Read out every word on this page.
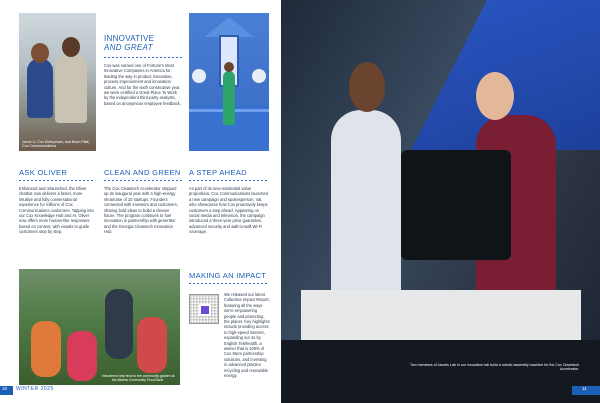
Jamie Li, Cox Enterprises, and Brian Platt, Cox Communications
INNOVATIVE
AND GREAT
Cox was named one of Fortune's Most Innovative Companies in America for leading the way in product innovation, process improvement and innovation culture. And for the sixth consecutive year, we were certified a Great Place To Work by the independent third-party analysts, based on anonymous employee feedback.
ASK OLIVER
Enhanced and relaunched, the Oliver chatbot now delivers a faster, more intuitive and fully conversational experience for millions of Cox Communications customers. Tapping into our Cox Knowledge Hub and AI, Oliver now offers more human-like responses based on context, with visuals to guide customers step by step.
CLEAN AND GREEN
The Cox Cleantech Accelerator stepped up its inaugural year with a high-energy showcase of 10 startups. Founders connected with investors and customers, sharing bold ideas to build a cleaner future. The program continues to fuel innovation in partnership with gener8tor and the Georgia Cleantech Innovation Hub.
A STEP AHEAD
As part of its new residential value proposition, Cox Communications launched a new campaign and spokesperson, Val, who showcases how Cox proactively keeps customers a step ahead. Appearing on social media and television, the campaign introduced a three-year price guarantee, advanced security and wall-to-wall Wi-Fi coverage.
Volunteers help tend to the community garden at the Atlanta Community Food Bank.
MAKING AN IMPACT
We released our latest Collective Impact Report, featuring all the ways we're empowering people and protecting the planet. Key highlights include providing access to high-speed internet, expanding our 4x by English Telehealth, a winner that is 100% of Cox Stem partnership solutions, and investing in advanced plastics recycling and renewable energy.
Two members of Jacobs Lab in our innovation lab build a robotic assembly machine for the Cox Cleantech Accelerator.
10 WINTER 2025	11
